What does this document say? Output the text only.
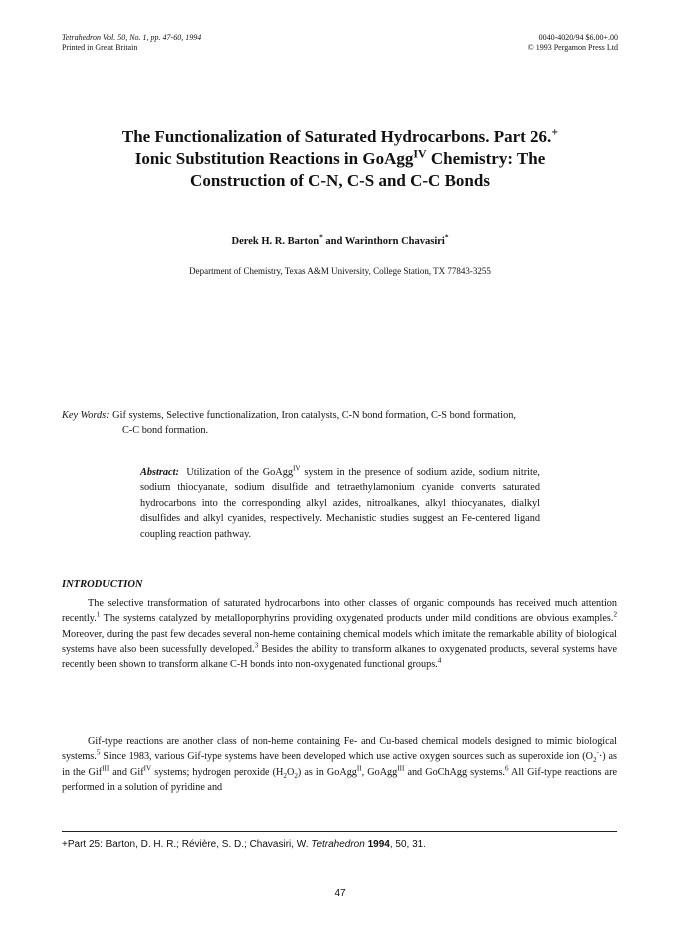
Tetrahedron Vol. 50, No. 1, pp. 47-60, 1994
Printed in Great Britain
0040-4020/94 $6.00+.00
© 1993 Pergamon Press Ltd
The Functionalization of Saturated Hydrocarbons. Part 26.+
Ionic Substitution Reactions in GoAgg$^{IV}$ Chemistry: The
Construction of C-N, C-S and C-C Bonds
Derek H. R. Barton* and Warinthorn Chavasiri*
Department of Chemistry, Texas A&M University, College Station, TX 77843-3255
Key Words: Gif systems, Selective functionalization, Iron catalysts, C-N bond formation, C-S bond formation,
C-C bond formation.
Abstract:  Utilization of the GoAgg$^{IV}$ system in the presence of sodium azide, sodium nitrite, sodium thiocyanate, sodium disulfide and tetraethylamonium cyanide converts saturated hydrocarbons into the corresponding alkyl azides, nitroalkanes, alkyl thiocyanates, dialkyl disulfides and alkyl cyanides, respectively. Mechanistic studies suggest an Fe-centered ligand coupling reaction pathway.
INTRODUCTION
The selective transformation of saturated hydrocarbons into other classes of organic compounds has received much attention recently.$^1$ The systems catalyzed by metalloporphyrins providing oxygenated products under mild conditions are obvious examples.$^2$ Moreover, during the past few decades several non-heme containing chemical models which imitate the remarkable ability of biological systems have also been sucessfully developed.$^3$ Besides the ability to transform alkanes to oxygenated products, several systems have recently been shown to transform alkane C-H bonds into non-oxygenated functional groups.$^4$
Gif-type reactions are another class of non-heme containing Fe- and Cu-based chemical models designed to mimic biological systems.$^5$ Since 1983, various Gif-type systems have been developed which use active oxygen sources such as superoxide ion $(O_2^-\cdot)$ as in the Gif$^{III}$ and Gif$^{IV}$ systems; hydrogen peroxide $(H_2O_2)$ as in GoAgg$^{II}$, GoAgg$^{III}$ and GoChAgg systems.$^6$ All Gif-type reactions are performed in a solution of pyridine and
+Part 25: Barton, D. H. R.; Révière, S. D.; Chavasiri, W. Tetrahedron 1994, 50, 31.
47
